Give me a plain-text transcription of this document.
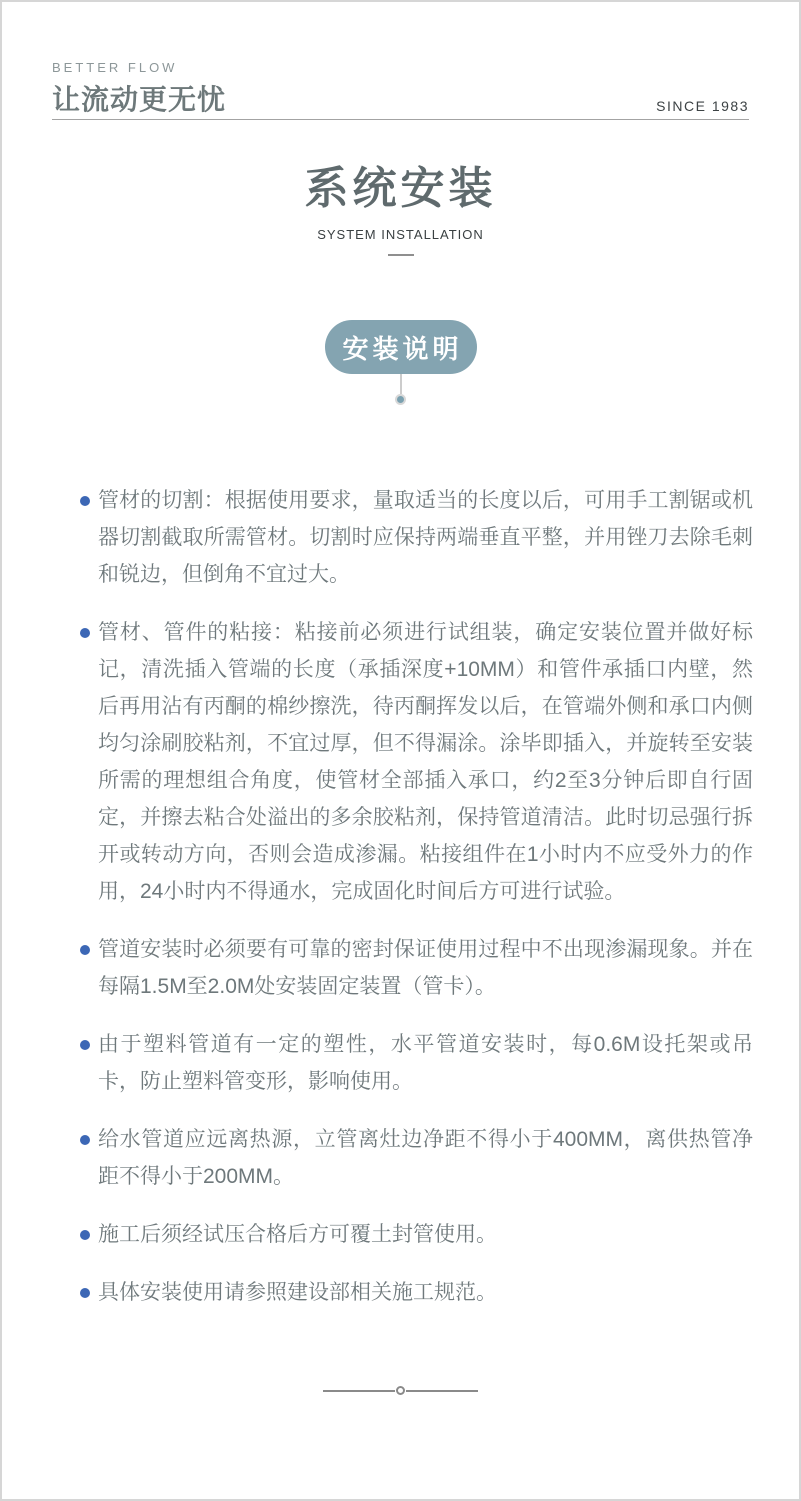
BETTER FLOW
让流动更无忧	SINCE 1983
系统安装
SYSTEM INSTALLATION
安装说明

管材的切割：根据使用要求，量取适当的长度以后，可用手工割锯或机器切割截取所需管材。切割时应保持两端垂直平整，并用锉刀去除毛刺和锐边，但倒角不宜过大。

管材、管件的粘接：粘接前必须进行试组装，确定安装位置并做好标记，清洗插入管端的长度（承插深度+10MM）和管件承插口内壁，然后再用沾有丙酮的棉纱擦洗，待丙酮挥发以后，在管端外侧和承口内侧均匀涂刷胶粘剂，不宜过厚，但不得漏涂。涂毕即插入，并旋转至安装所需的理想组合角度，使管材全部插入承口，约2至3分钟后即自行固定，并擦去粘合处溢出的多余胶粘剂，保持管道清洁。此时切忌强行拆开或转动方向，否则会造成渗漏。粘接组件在1小时内不应受外力的作用，24小时内不得通水，完成固化时间后方可进行试验。

管道安装时必须要有可靠的密封保证使用过程中不出现渗漏现象。并在每隔1.5M至2.0M处安装固定装置（管卡）。

由于塑料管道有一定的塑性，水平管道安装时，每0.6M设托架或吊卡，防止塑料管变形，影响使用。

给水管道应远离热源，立管离灶边净距不得小于400MM，离供热管净距不得小于200MM。

施工后须经试压合格后方可覆土封管使用。

具体安装使用请参照建设部相关施工规范。
